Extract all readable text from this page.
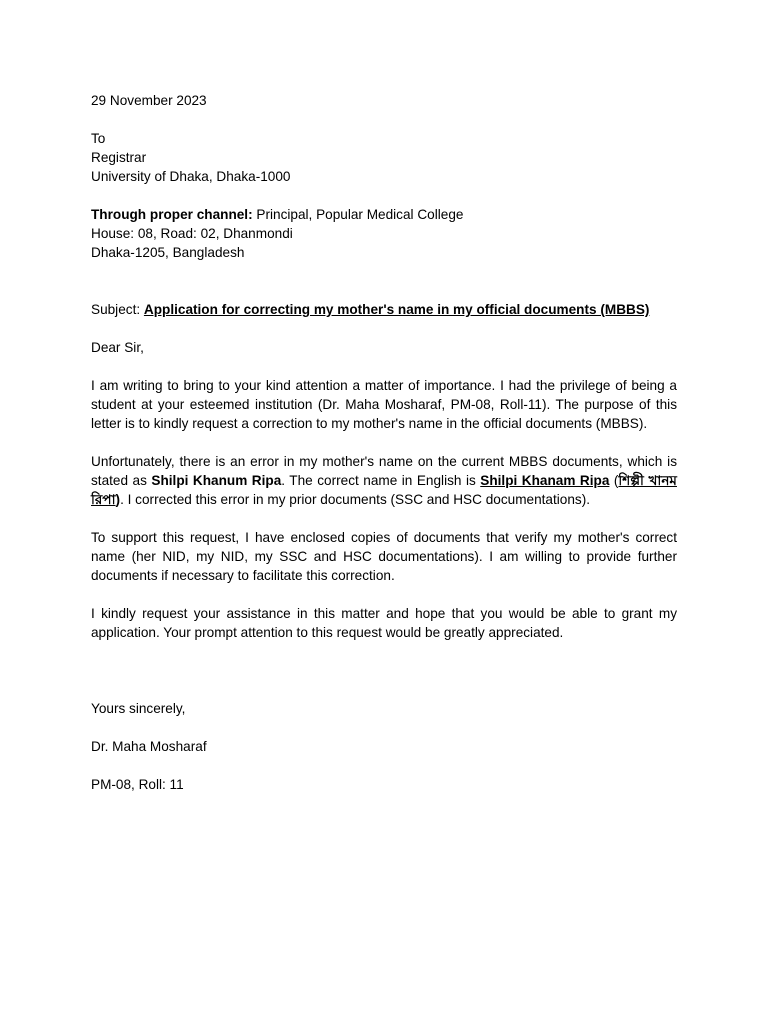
29 November 2023
To
Registrar
University of Dhaka, Dhaka-1000
Through proper channel: Principal, Popular Medical College
House: 08, Road: 02, Dhanmondi
Dhaka-1205, Bangladesh
Subject: Application for correcting my mother's name in my official documents (MBBS)
Dear Sir,

I am writing to bring to your kind attention a matter of importance. I had the privilege of being a student at your esteemed institution (Dr. Maha Mosharaf, PM-08, Roll-11). The purpose of this letter is to kindly request a correction to my mother's name in the official documents (MBBS).

Unfortunately, there is an error in my mother's name on the current MBBS documents, which is stated as Shilpi Khanum Ripa. The correct name in English is Shilpi Khanam Ripa (শিল্পী খানম রিপা). I corrected this error in my prior documents (SSC and HSC documentations).

To support this request, I have enclosed copies of documents that verify my mother's correct name (her NID, my NID, my SSC and HSC documentations). I am willing to provide further documents if necessary to facilitate this correction.

I kindly request your assistance in this matter and hope that you would be able to grant my application. Your prompt attention to this request would be greatly appreciated.

Yours sincerely,
Dr. Maha Mosharaf
PM-08, Roll: 11
